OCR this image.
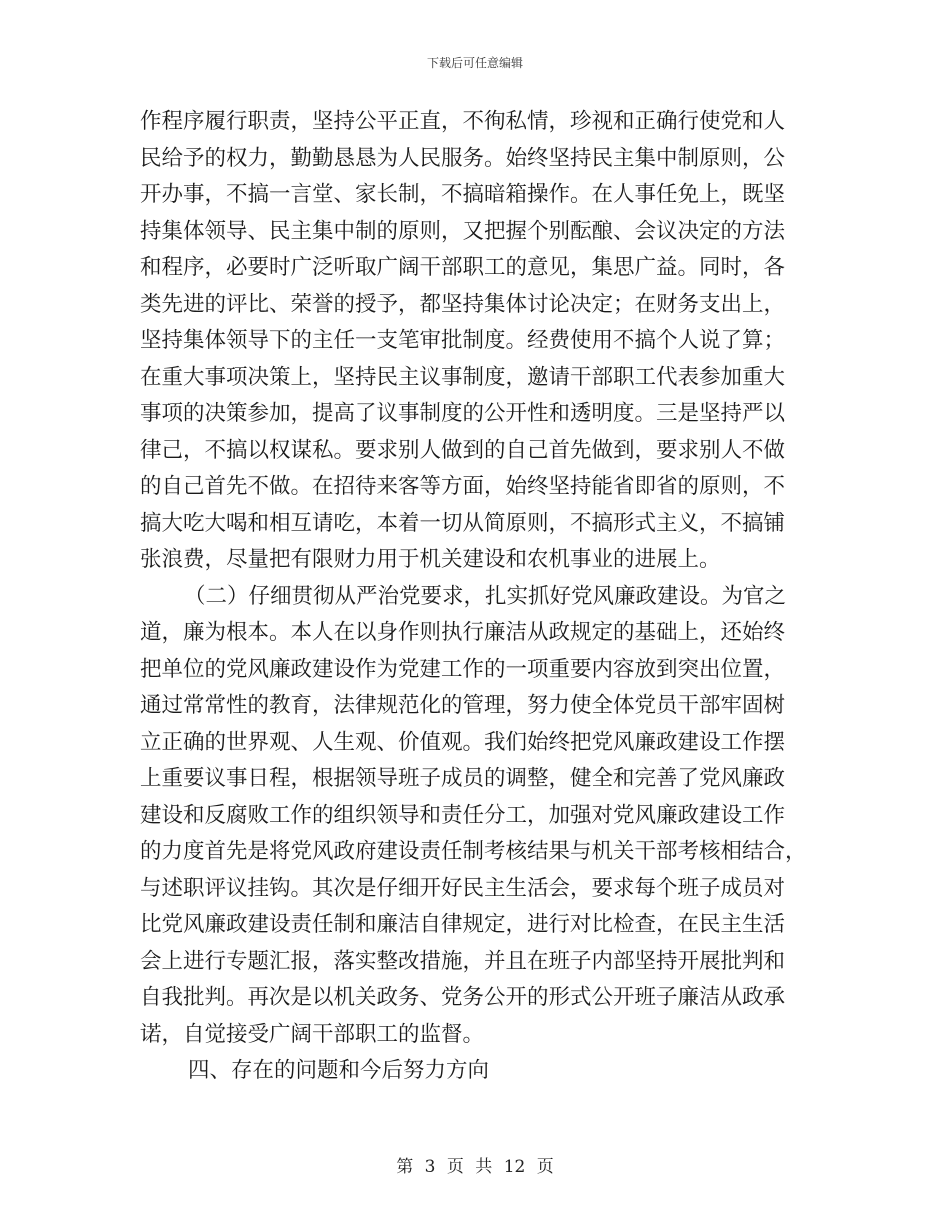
下载后可任意编辑
作程序履行职责，坚持公平正直，不徇私情，珍视和正确行使党和人
民给予的权力，勤勤恳恳为人民服务。始终坚持民主集中制原则，公
开办事，不搞一言堂、家长制，不搞暗箱操作。在人事任免上，既坚
持集体领导、民主集中制的原则，又把握个别酝酿、会议决定的方法
和程序，必要时广泛听取广阔干部职工的意见，集思广益。同时，各
类先进的评比、荣誉的授予，都坚持集体讨论决定；在财务支出上，
坚持集体领导下的主任一支笔审批制度。经费使用不搞个人说了算；
在重大事项决策上，坚持民主议事制度，邀请干部职工代表参加重大
事项的决策参加，提高了议事制度的公开性和透明度。三是坚持严以
律己，不搞以权谋私。要求别人做到的自己首先做到，要求别人不做
的自己首先不做。在招待来客等方面，始终坚持能省即省的原则，不
搞大吃大喝和相互请吃，本着一切从简原则，不搞形式主义，不搞铺
张浪费，尽量把有限财力用于机关建设和农机事业的进展上。
（二）仔细贯彻从严治党要求，扎实抓好党风廉政建设。为官之
道，廉为根本。本人在以身作则执行廉洁从政规定的基础上，还始终
把单位的党风廉政建设作为党建工作的一项重要内容放到突出位置，
通过常常性的教育，法律规范化的管理，努力使全体党员干部牢固树
立正确的世界观、人生观、价值观。我们始终把党风廉政建设工作摆
上重要议事日程，根据领导班子成员的调整，健全和完善了党风廉政
建设和反腐败工作的组织领导和责任分工，加强对党风廉政建设工作
的力度首先是将党风政府建设责任制考核结果与机关干部考核相结合，
与述职评议挂钩。其次是仔细开好民主生活会，要求每个班子成员对
比党风廉政建设责任制和廉洁自律规定，进行对比检查，在民主生活
会上进行专题汇报，落实整改措施，并且在班子内部坚持开展批判和
自我批判。再次是以机关政务、党务公开的形式公开班子廉洁从政承
诺，自觉接受广阔干部职工的监督。
四、存在的问题和今后努力方向
第 3 页 共 12 页
